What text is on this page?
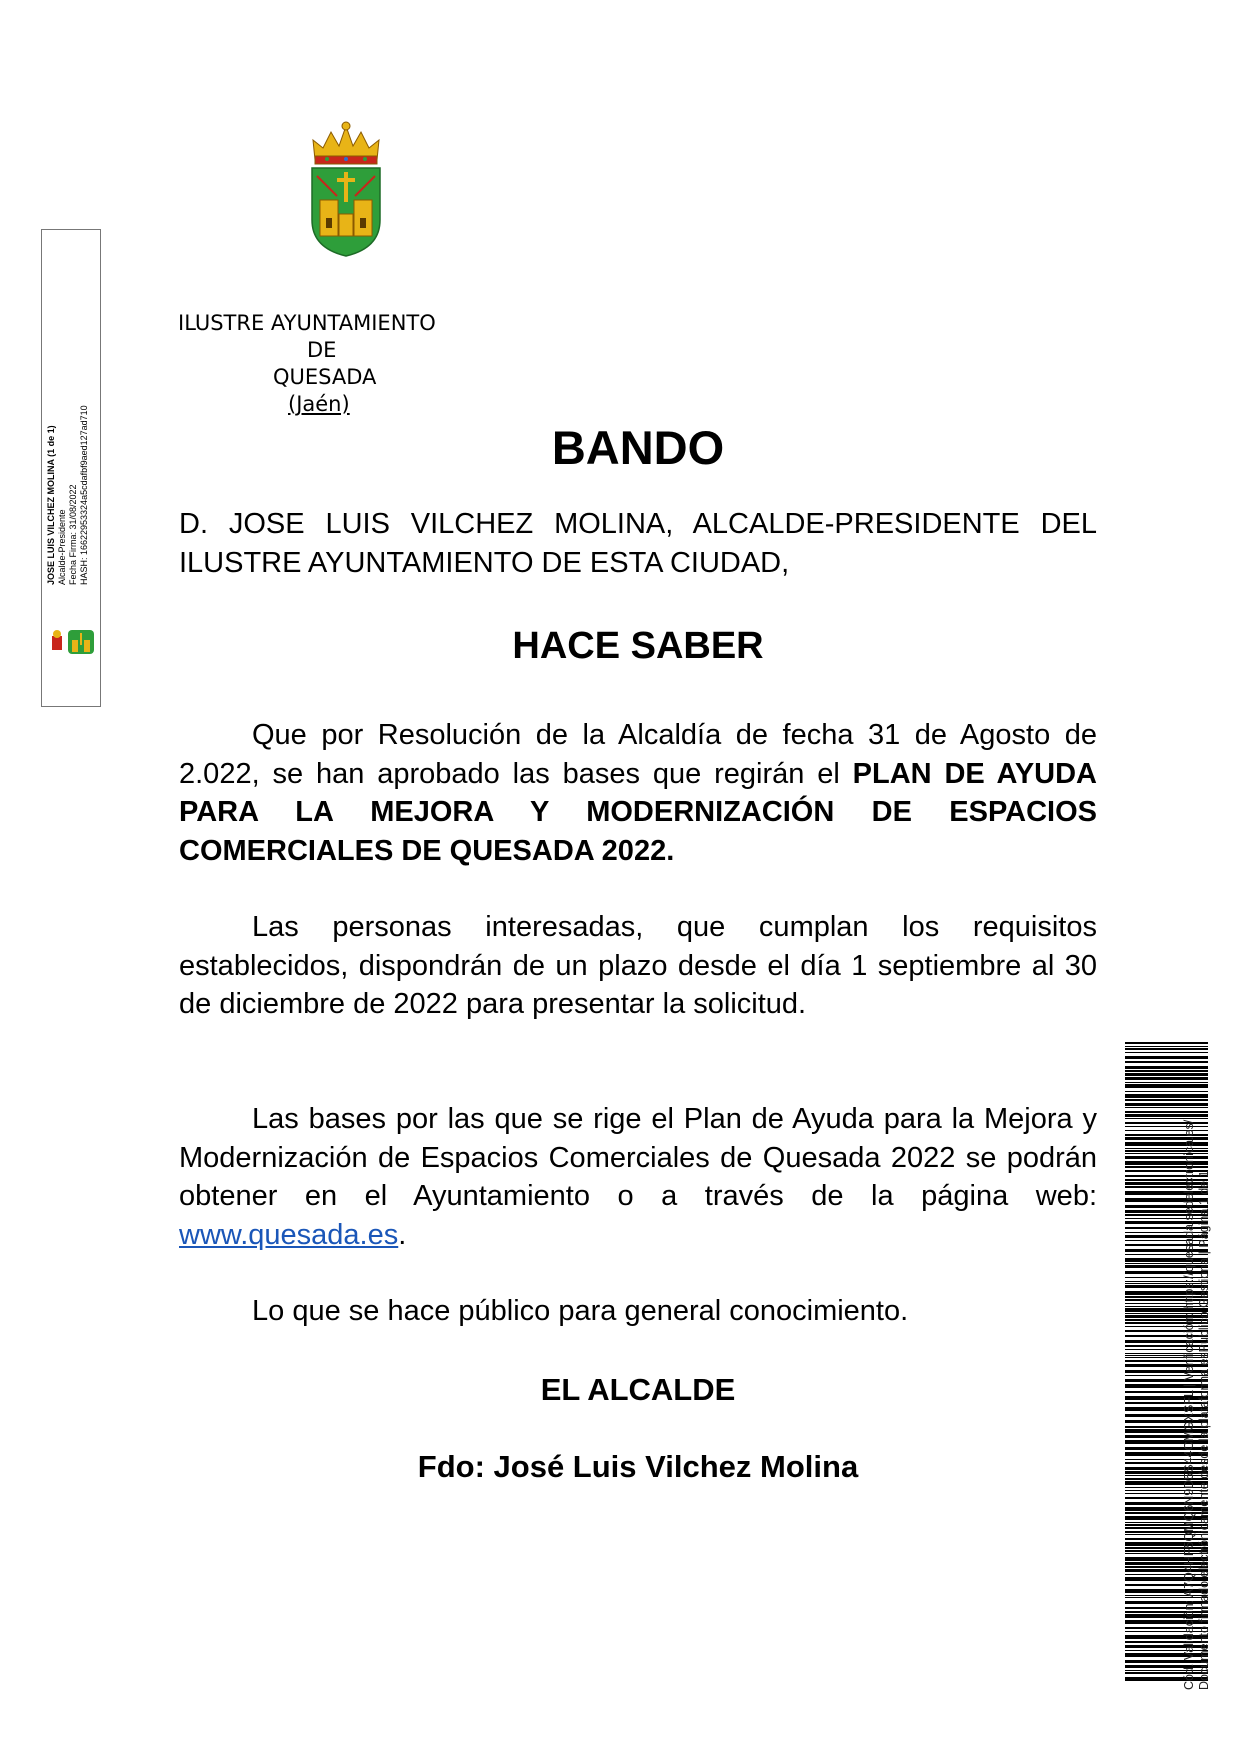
ILUSTRE AYUNTAMIENTO
DE
QUESADA
(Jaén)
BANDO
D. JOSE LUIS VILCHEZ MOLINA, ALCALDE-PRESIDENTE DEL ILUSTRE AYUNTAMIENTO DE ESTA CIUDAD,
HACE SABER

Que por Resolución de la Alcaldía de fecha 31 de Agosto de 2.022, se han aprobado las bases que regirán el PLAN DE AYUDA PARA LA MEJORA Y MODERNIZACIÓN DE ESPACIOS COMERCIALES DE QUESADA 2022.

Las personas interesadas, que cumplan los requisitos establecidos, dispondrán de un plazo desde el día 1 septiembre al 30 de diciembre de 2022 para presentar la solicitud.

Las bases por las que se rige el Plan de Ayuda para la Mejora y Modernización de Espacios Comerciales de Quesada 2022 se podrán obtener en el Ayuntamiento o a través de la página web: www.quesada.es.

Lo que se hace público para general conocimiento.

EL ALCALDE
Fdo: José Luis Vilchez Molina
JOSE LUIS VILCHEZ MOLINA (1 de 1) Alcalde-Presidente Fecha Firma: 31/08/2022 HASH: 16622953324a5cdafbf9aed127ad710
Cód. Validación: A7Q4HF5QMQ6N9D5S44CMGXSFL | Verificación: https://quesada.sedelectronica.es/ Documento firmado electrónicamente desde la plataforma esPublico Gestiona | Página 1 de 1
